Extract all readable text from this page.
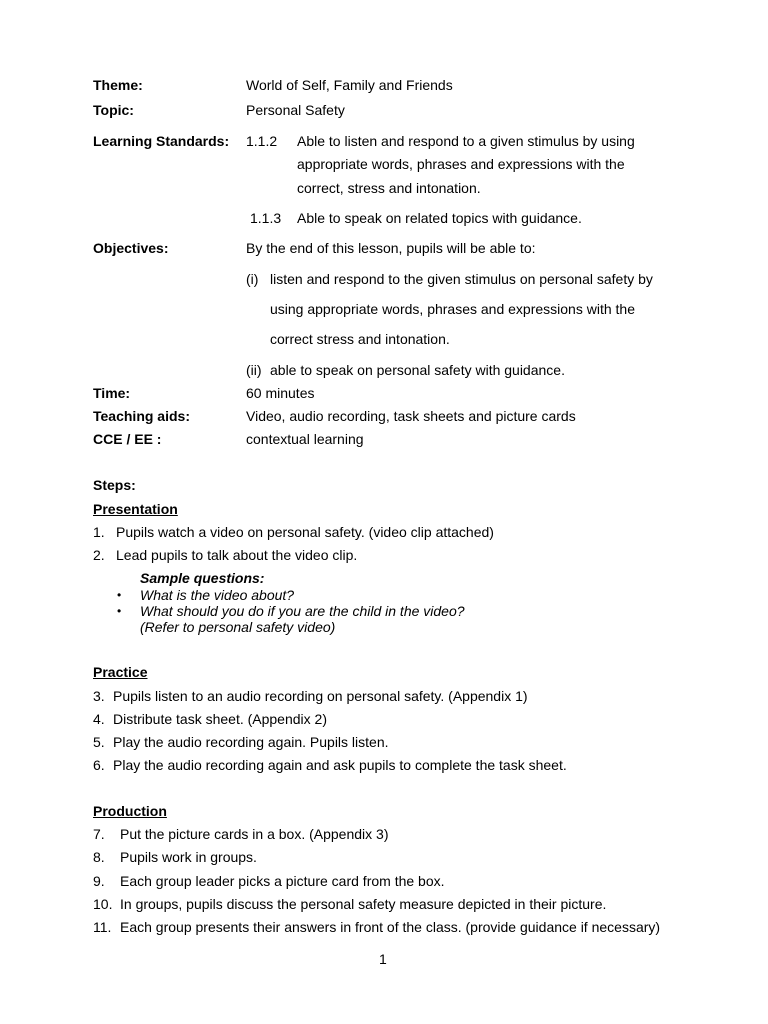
Theme:	World of Self, Family and Friends
Topic:	Personal Safety
Learning Standards: 1.1.2 Able to listen and respond to a given stimulus by using
appropriate words, phrases and expressions with the
correct, stress and intonation.
1.1.3 Able to speak on related topics with guidance.
Objectives:	By the end of this lesson, pupils will be able to:
(i) listen and respond to the given stimulus on personal safety by
using appropriate words, phrases and expressions with the
correct stress and intonation.
(ii) able to speak on personal safety with guidance.
Time:	60 minutes
Teaching aids:	Video, audio recording, task sheets and picture cards
CCE / EE :	contextual learning
Steps:
Presentation
1. Pupils watch a video on personal safety. (video clip attached)
2. Lead pupils to talk about the video clip.
Sample questions:
• What is the video about?
• What should you do if you are the child in the video?
(Refer to personal safety video)
Practice
3. Pupils listen to an audio recording on personal safety. (Appendix 1)
4. Distribute task sheet. (Appendix 2)
5. Play the audio recording again. Pupils listen.
6. Play the audio recording again and ask pupils to complete the task sheet.
Production
7. Put the picture cards in a box. (Appendix 3)
8. Pupils work in groups.
9. Each group leader picks a picture card from the box.
10. In groups, pupils discuss the personal safety measure depicted in their picture.
11. Each group presents their answers in front of the class. (provide guidance if necessary)
1
